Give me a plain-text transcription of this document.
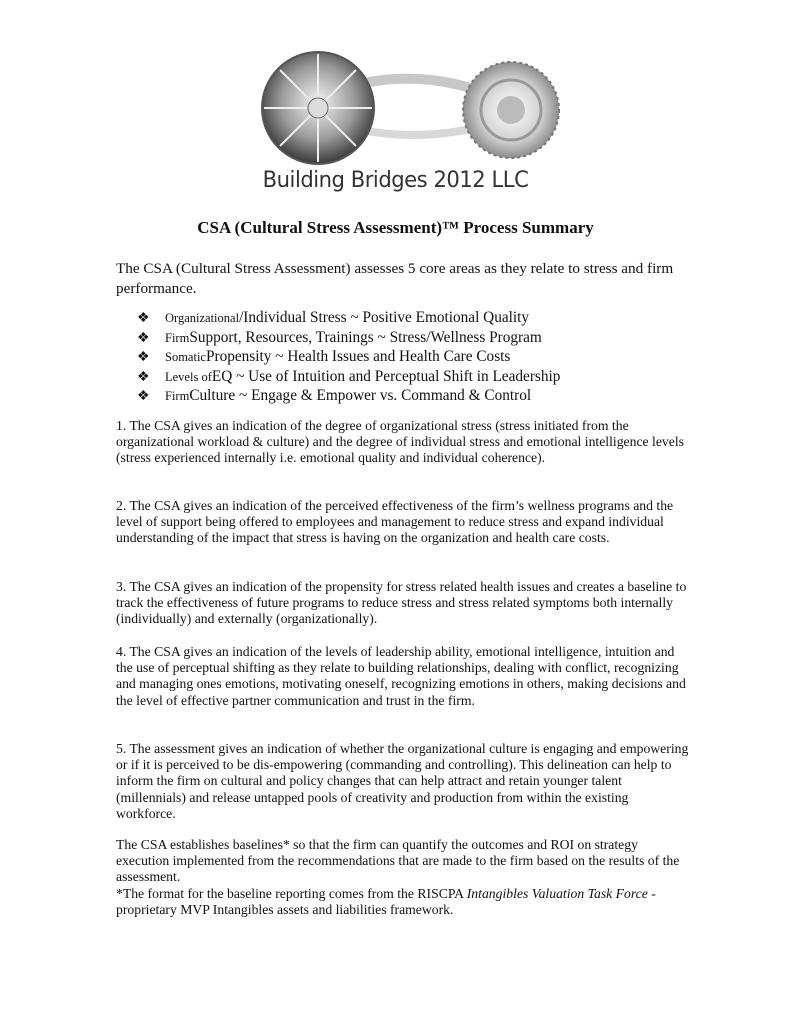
Building Bridges 2012 LLC
CSA (Cultural Stress Assessment)™ Process Summary
The CSA (Cultural Stress Assessment) assesses 5 core areas as they relate to stress and firm performance.
❖	Organizational /Individual Stress ~ Positive Emotional Quality
❖	Firm Support, Resources, Trainings ~ Stress/Wellness Program
❖	Somatic Propensity ~ Health Issues and Health Care Costs
❖	Levels of EQ ~ Use of Intuition and Perceptual Shift in Leadership
❖	Firm Culture ~ Engage & Empower vs. Command & Control

1. The CSA gives an indication of the degree of organizational stress (stress initiated from the organizational workload & culture) and the degree of individual stress and emotional intelligence levels (stress experienced internally i.e. emotional quality and individual coherence).

2. The CSA gives an indication of the perceived effectiveness of the firm’s wellness programs and the level of support being offered to employees and management to reduce stress and expand individual understanding of the impact that stress is having on the organization and health care costs.

3. The CSA gives an indication of the propensity for stress related health issues and creates a baseline to track the effectiveness of future programs to reduce stress and stress related symptoms both internally (individually) and externally (organizationally).

4. The CSA gives an indication of the levels of leadership ability, emotional intelligence, intuition and the use of perceptual shifting as they relate to building relationships, dealing with conflict, recognizing and managing ones emotions, motivating oneself, recognizing emotions in others, making decisions and the level of effective partner communication and trust in the firm.

5. The assessment gives an indication of whether the organizational culture is engaging and empowering or if it is perceived to be dis-empowering (commanding and controlling). This delineation can help to inform the firm on cultural and policy changes that can help attract and retain younger talent (millennials) and release untapped pools of creativity and production from within the existing workforce.

The CSA establishes baselines* so that the firm can quantify the outcomes and ROI on strategy execution implemented from the recommendations that are made to the firm based on the results of the assessment.

*The format for the baseline reporting comes from the RISCPA Intangibles Valuation Task Force - proprietary MVP Intangibles assets and liabilities framework.
